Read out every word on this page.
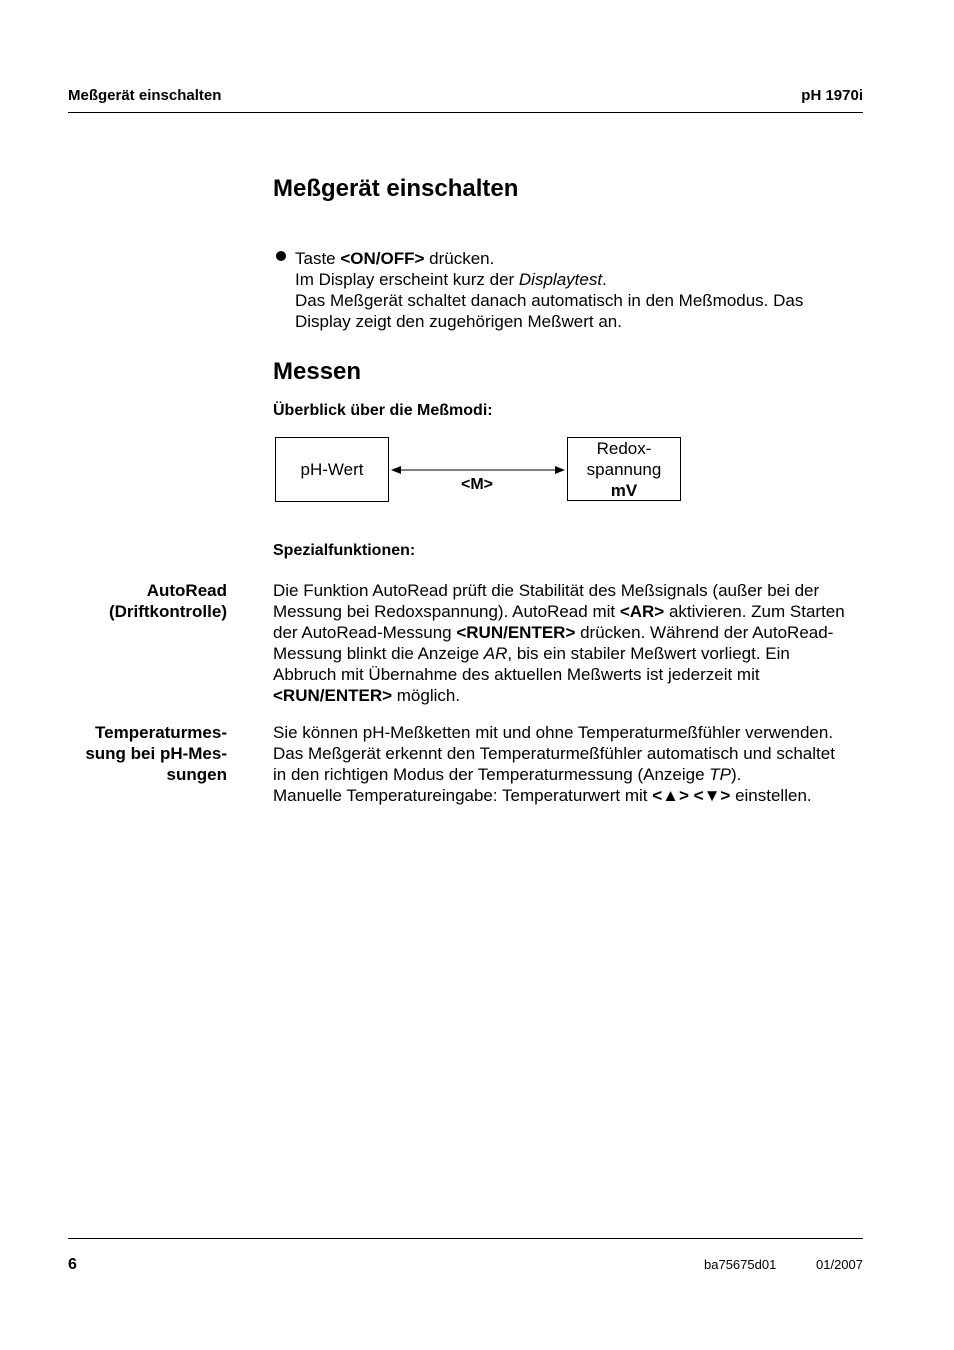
Meßgerät einschalten	pH 1970i
Meßgerät einschalten
Taste <ON/OFF> drücken.
Im Display erscheint kurz der Displaytest.
Das Meßgerät schaltet danach automatisch in den Meßmodus. Das
Display zeigt den zugehörigen Meßwert an.
Messen
Überblick über die Meßmodi:
pH-Wert
<M>
Redox-
spannung
mV
Spezialfunktionen:
AutoRead
(Driftkontrolle)
Die Funktion AutoRead prüft die Stabilität des Meßsignals (außer bei der
Messung bei Redoxspannung). AutoRead mit <AR> aktivieren. Zum Starten
der AutoRead-Messung <RUN/ENTER> drücken. Während der AutoRead-
Messung blinkt die Anzeige AR, bis ein stabiler Meßwert vorliegt. Ein
Abbruch mit Übernahme des aktuellen Meßwerts ist jederzeit mit
<RUN/ENTER> möglich.
Temperaturmes-
sung bei pH-Mes-
sungen
Sie können pH-Meßketten mit und ohne Temperaturmeßfühler verwenden.
Das Meßgerät erkennt den Temperaturmeßfühler automatisch und schaltet
in den richtigen Modus der Temperaturmessung (Anzeige TP).
Manuelle Temperatureingabe: Temperaturwert mit <▲> <▼> einstellen.
6	ba75675d01	01/2007
